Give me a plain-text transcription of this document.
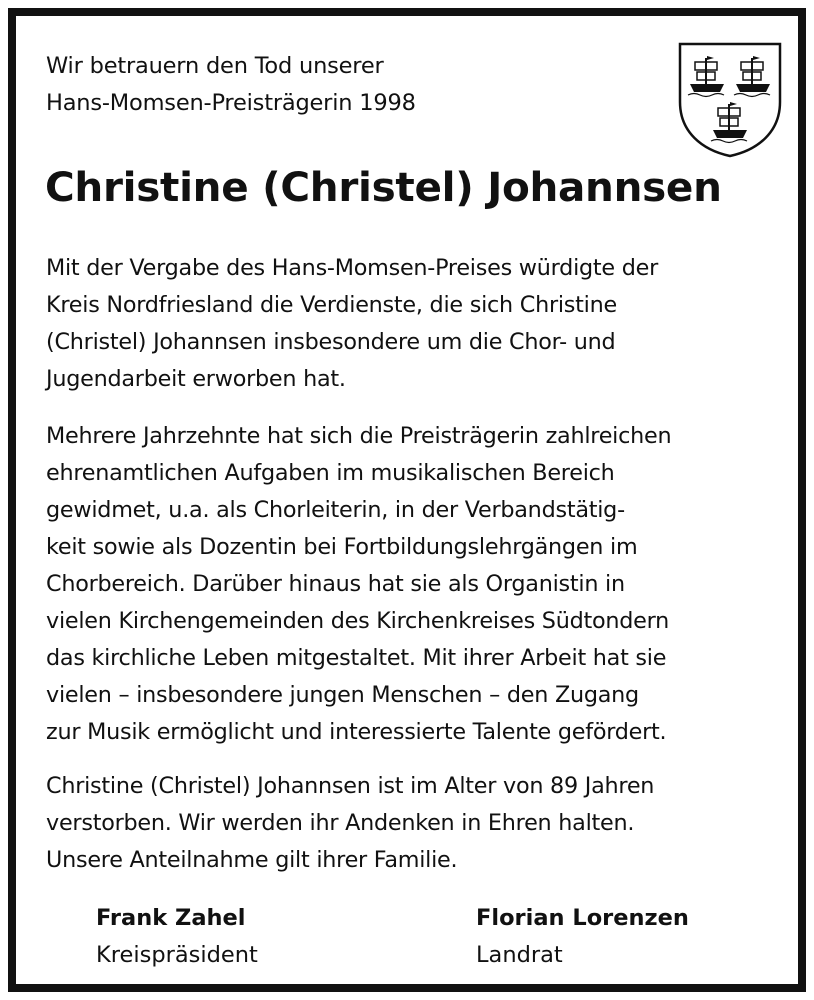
Wir betrauern den Tod unserer
Hans-Momsen-Preisträgerin 1998
Christine (Christel) Johannsen

Mit der Vergabe des Hans-Momsen-Preises würdigte der
Kreis Nordfriesland die Verdienste, die sich Christine
(Christel) Johannsen insbesondere um die Chor- und
Jugendarbeit erworben hat.

Mehrere Jahrzehnte hat sich die Preisträgerin zahlreichen
ehrenamtlichen Aufgaben im musikalischen Bereich
gewidmet, u.a. als Chorleiterin, in der Verbandstätig-
keit sowie als Dozentin bei Fortbildungslehrgängen im
Chorbereich. Darüber hinaus hat sie als Organistin in
vielen Kirchengemeinden des Kirchenkreises Südtondern
das kirchliche Leben mitgestaltet. Mit ihrer Arbeit hat sie
vielen – insbesondere jungen Menschen – den Zugang
zur Musik ermöglicht und interessierte Talente gefördert.

Christine (Christel) Johannsen ist im Alter von 89 Jahren
verstorben. Wir werden ihr Andenken in Ehren halten.
Unsere Anteilnahme gilt ihrer Familie.

Frank Zahel
Kreispräsident
Florian Lorenzen
Landrat
